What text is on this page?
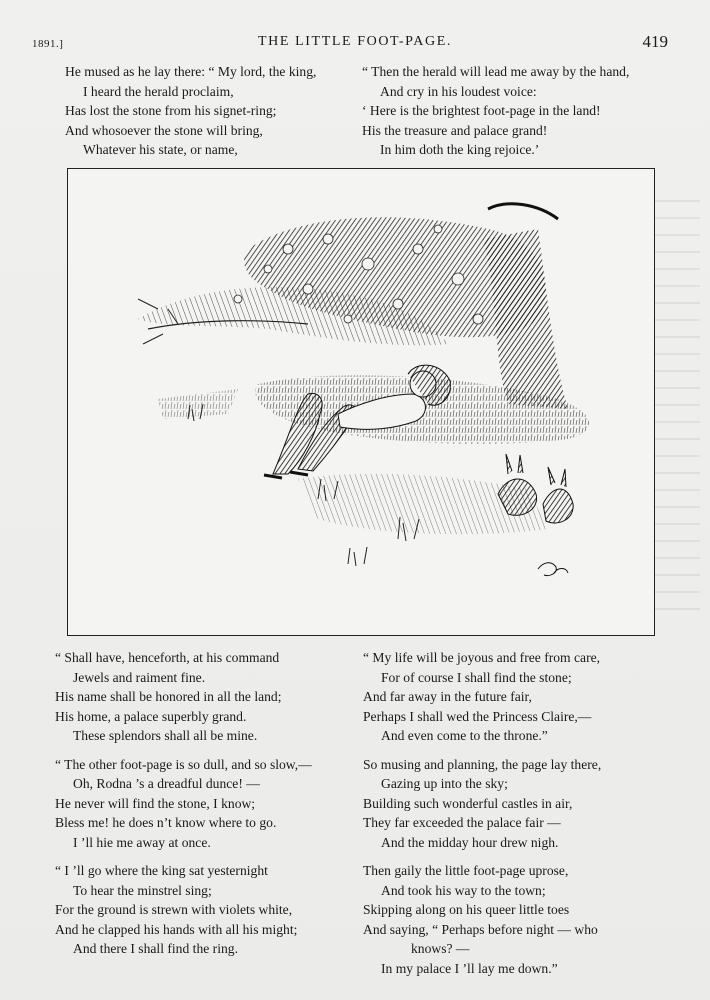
1891.]	THE LITTLE FOOT-PAGE.	419
He mused as he lay there: “ My lord, the king,
I heard the herald proclaim,
Has lost the stone from his signet-ring;
And whosoever the stone will bring,
Whatever his state, or name,
“ Then the herald will lead me away by the hand,
And cry in his loudest voice:
‘ Here is the brightest foot-page in the land!
His the treasure and palace grand!
In him doth the king rejoice.’
“ Shall have, henceforth, at his command
Jewels and raiment fine.
His name shall be honored in all the land;
His home, a palace superbly grand.
These splendors shall all be mine.
“ The other foot-page is so dull, and so slow,—
Oh, Rodna ’s a dreadful dunce! —
He never will find the stone, I know;
Bless me! he does n’t know where to go.
I ’ll hie me away at once.
“ I ’ll go where the king sat yesternight
To hear the minstrel sing;
For the ground is strewn with violets white,
And he clapped his hands with all his might;
And there I shall find the ring.
“ My life will be joyous and free from care,
For of course I shall find the stone;
And far away in the future fair,
Perhaps I shall wed the Princess Claire,—
And even come to the throne.”
So musing and planning, the page lay there,
Gazing up into the sky;
Building such wonderful castles in air,
They far exceeded the palace fair —
And the midday hour drew nigh.
Then gaily the little foot-page uprose,
And took his way to the town;
Skipping along on his queer little toes
And saying, “ Perhaps before night — who
knows? —
In my palace I ’ll lay me down.”
